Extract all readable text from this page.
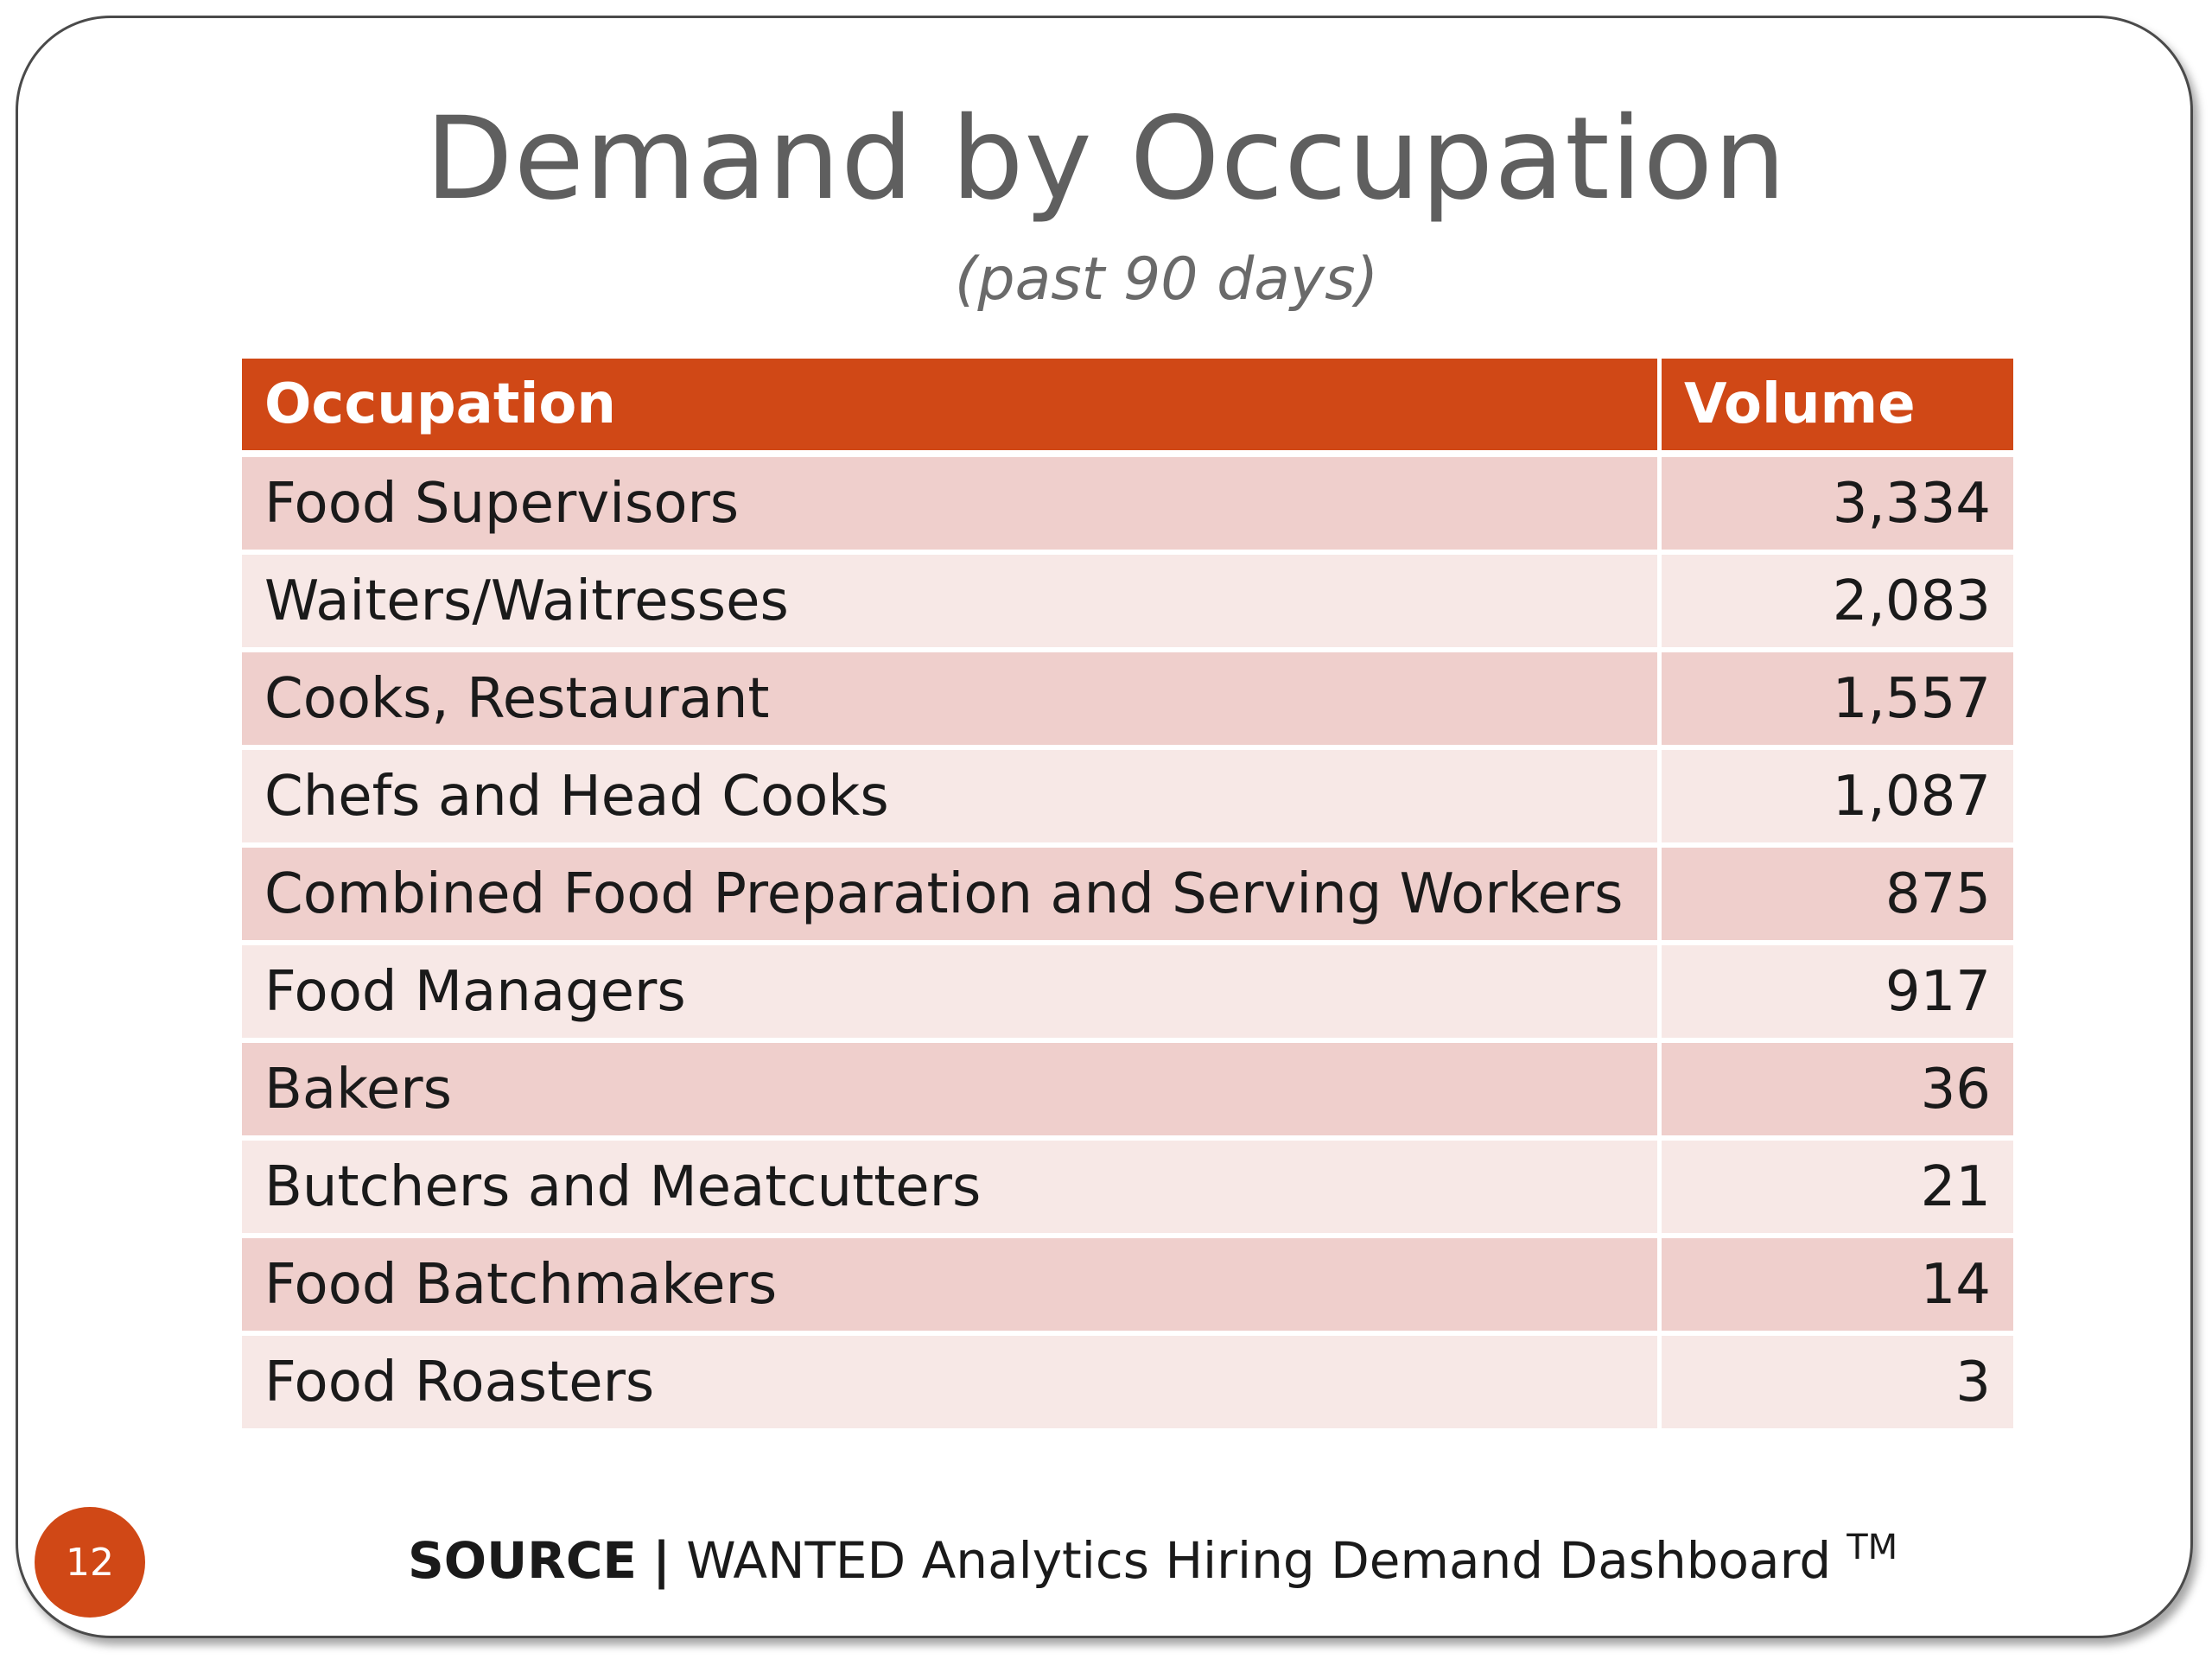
Demand by Occupation
(past 90 days)
Occupation	Volume
Food Supervisors	3,334
Waiters/Waitresses	2,083
Cooks, Restaurant	1,557
Chefs and Head Cooks	1,087
Combined Food Preparation and Serving Workers	875
Food Managers	917
Bakers	36
Butchers and Meatcutters	21
Food Batchmakers	14
Food Roasters	3
12	SOURCE | WANTED Analytics Hiring Demand Dashboard ™
